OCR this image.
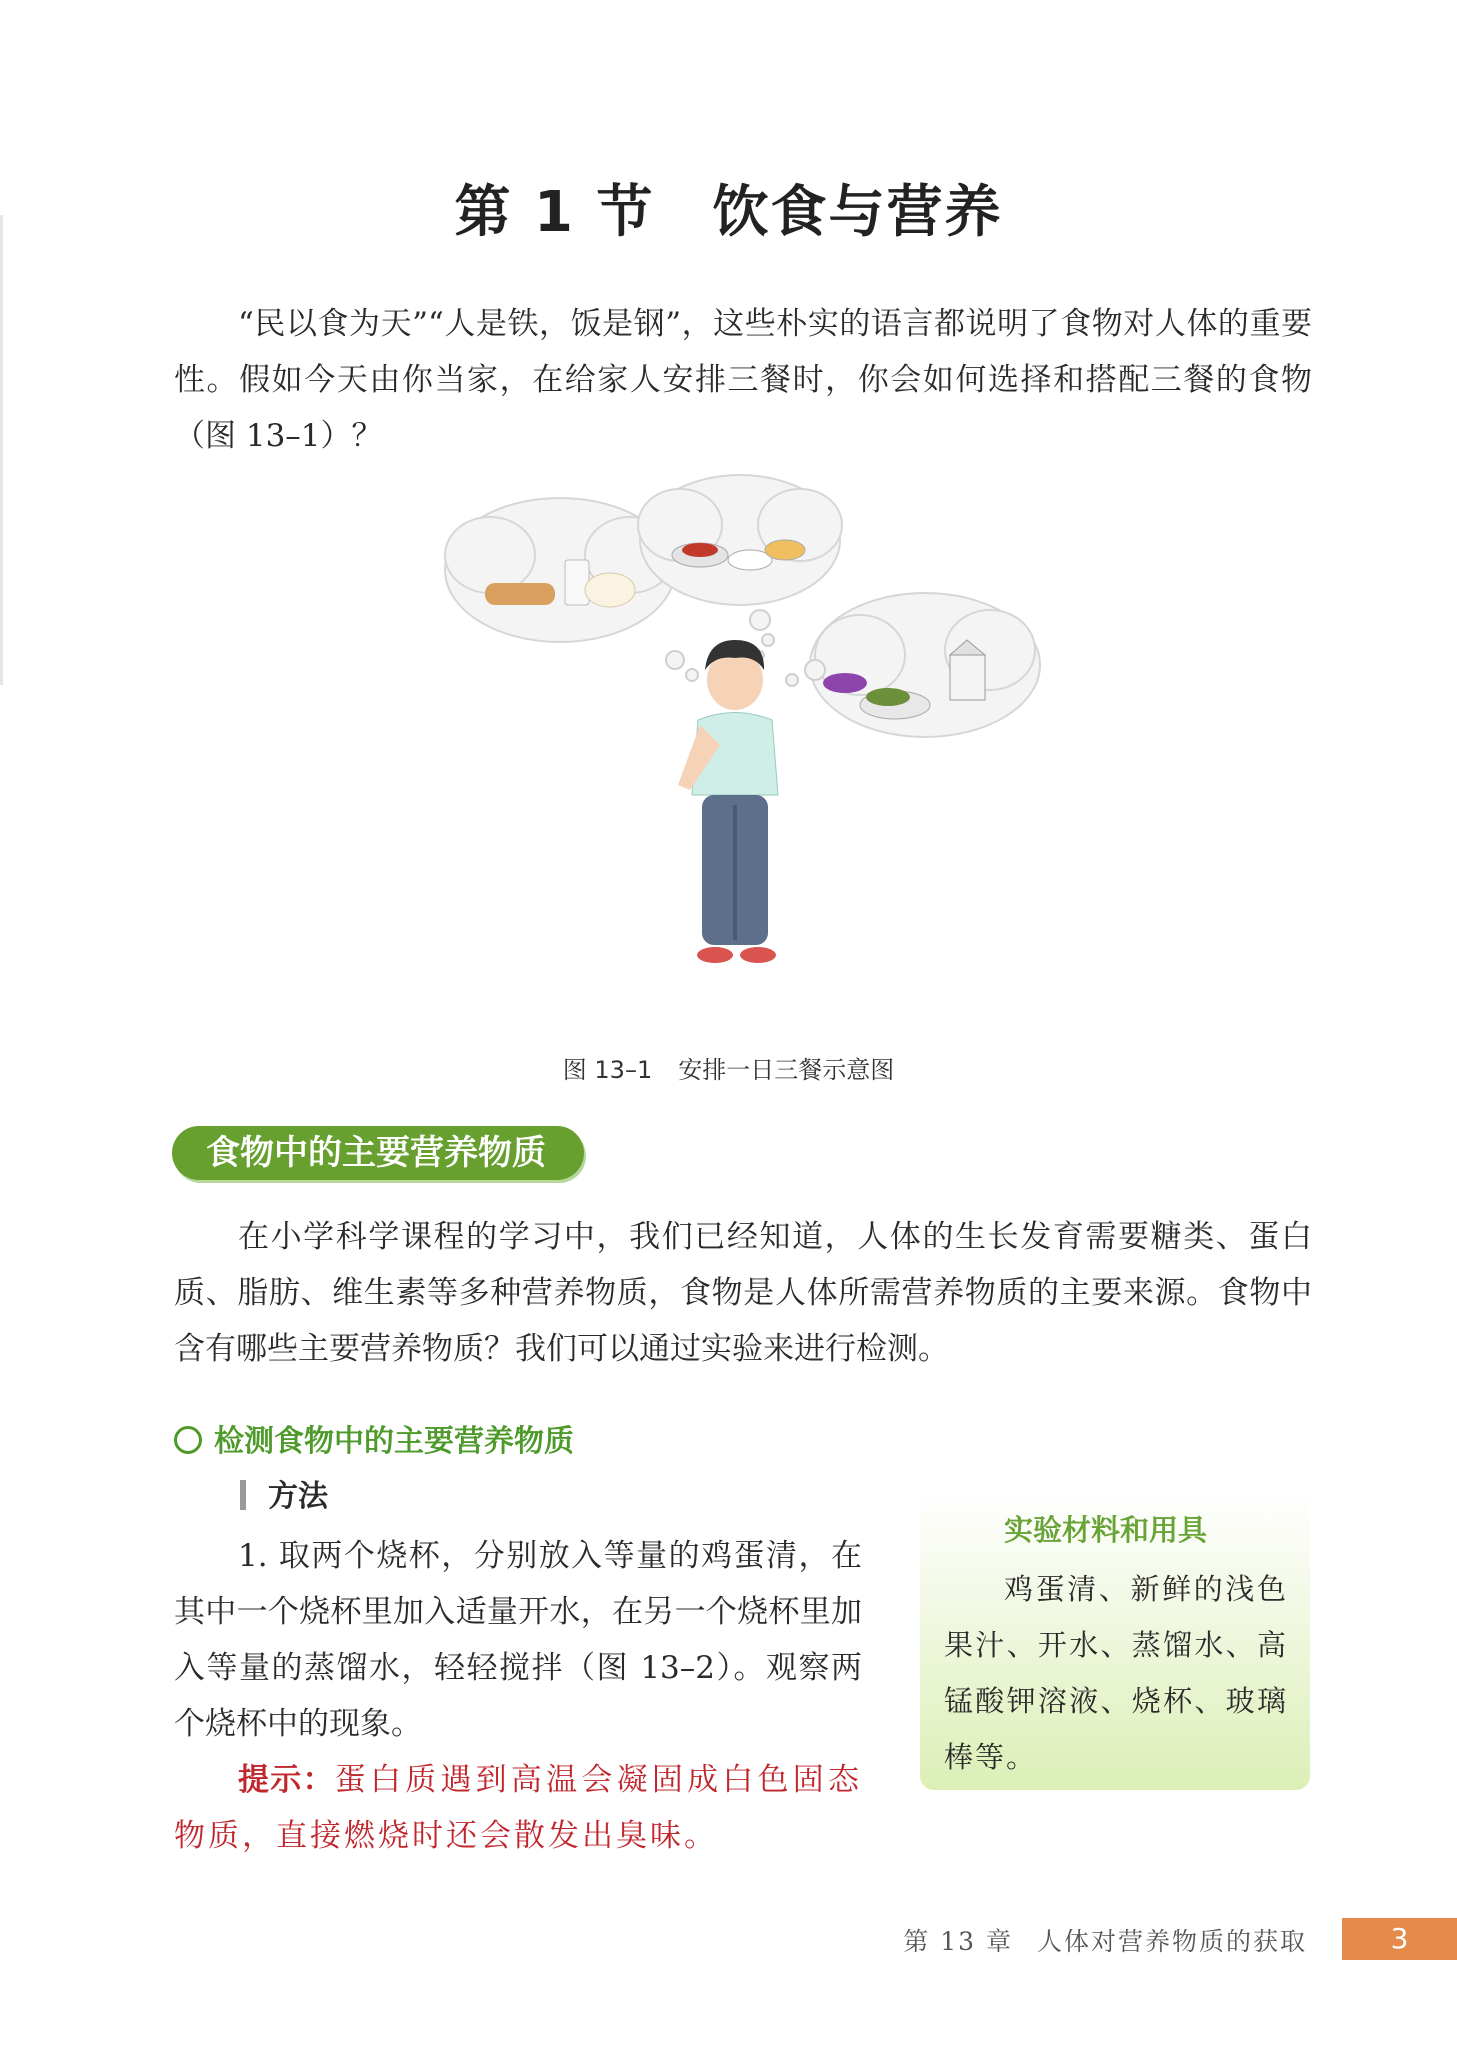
第 1 节 饮食与营养

“民以食为天”“人是铁，饭是钢”，这些朴实的语言都说明了食物对人体的重要性。假如今天由你当家，在给家人安排三餐时，你会如何选择和搭配三餐的食物（图 13–1）？

图 13–1 安排一日三餐示意图
食物中的主要营养物质

在小学科学课程的学习中，我们已经知道，人体的生长发育需要糖类、蛋白质、脂肪、维生素等多种营养物质，食物是人体所需营养物质的主要来源。食物中含有哪些主要营养物质？我们可以通过实验来进行检测。

检测食物中的主要营养物质
方法

1. 取两个烧杯，分别放入等量的鸡蛋清，在其中一个烧杯里加入适量开水，在另一个烧杯里加入等量的蒸馏水，轻轻搅拌（图 13–2）。观察两个烧杯中的现象。

提示：蛋白质遇到高温会凝固成白色固态物质，直接燃烧时还会散发出臭味。

实验材料和用具

鸡蛋清、新鲜的浅色果汁、开水、蒸馏水、高锰酸钾溶液、烧杯、玻璃棒等。

第 13 章 人体对营养物质的获取	3
